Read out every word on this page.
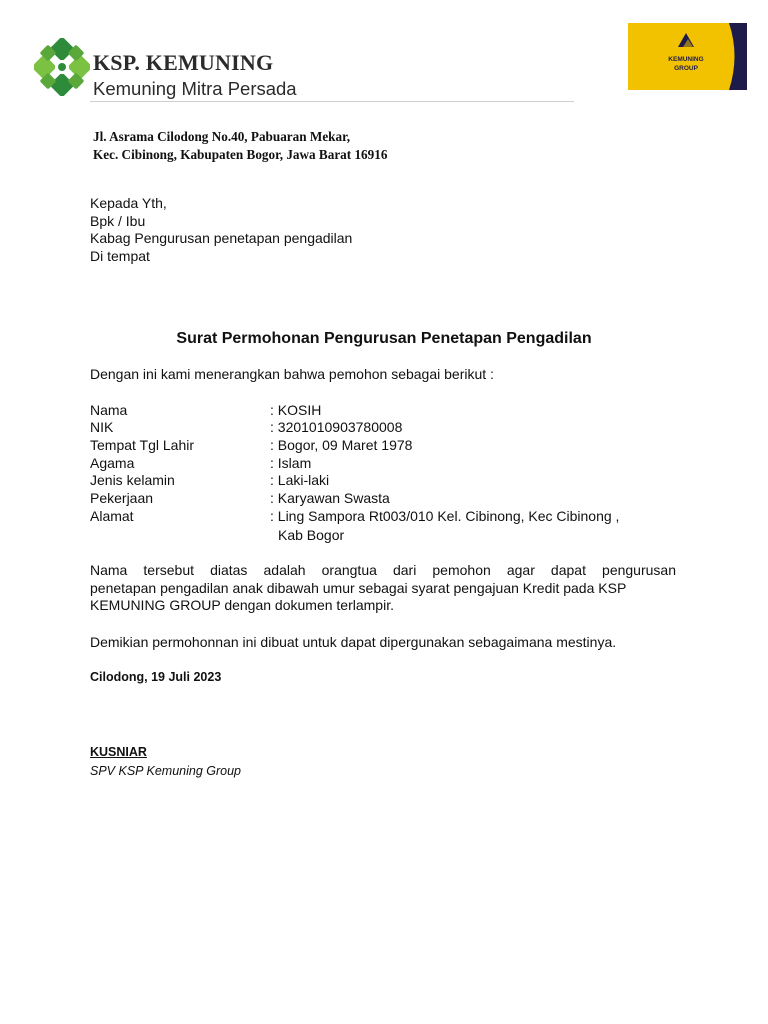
KSP. KEMUNING
Kemuning Mitra Persada
KEMUNING
GROUP
Jl. Asrama Cilodong No.40, Pabuaran Mekar,
Kec. Cibinong, Kabupaten Bogor, Jawa Barat 16916
Kepada Yth,
Bpk / Ibu
Kabag Pengurusan penetapan pengadilan
Di tempat
Surat Permohonan Pengurusan Penetapan Pengadilan
Dengan ini kami menerangkan bahwa pemohon sebagai berikut :
Nama	: KOSIH
NIK	: 3201010903780008
Tempat Tgl Lahir	: Bogor, 09 Maret 1978
Agama	: Islam
Jenis kelamin	: Laki-laki
Pekerjaan	: Karyawan Swasta
Alamat	: Ling Sampora Rt003/010 Kel. Cibinong, Kec Cibinong ,
Kab Bogor
Nama tersebut diatas adalah orangtua dari pemohon agar dapat pengurusan
penetapan pengadilan anak dibawah umur sebagai syarat pengajuan Kredit pada KSP
KEMUNING GROUP dengan dokumen terlampir.
Demikian permohonnan ini dibuat untuk dapat dipergunakan sebagaimana mestinya.
Cilodong, 19 Juli 2023
KUSNIAR
SPV KSP Kemuning Group
